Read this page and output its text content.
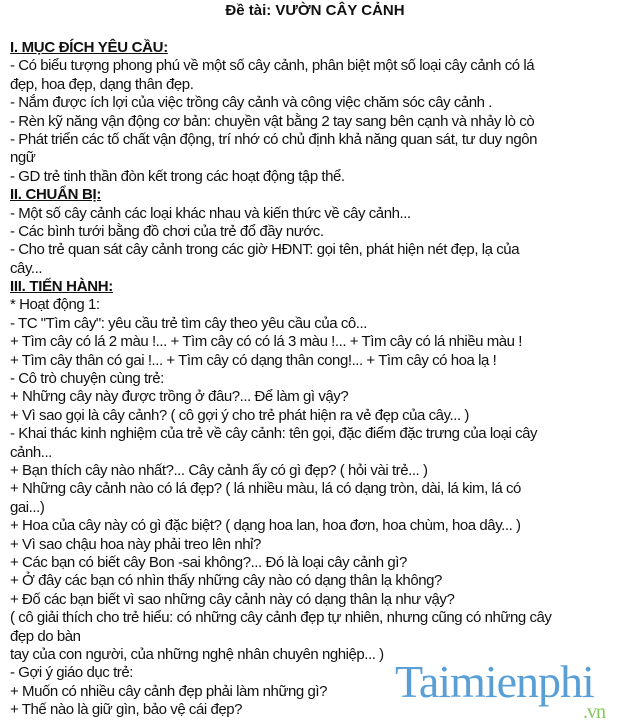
Đề tài: VƯỜN CÂY CẢNH
I. MỤC ĐÍCH YÊU CẦU:
- Có biểu tượng phong phú về một số cây cảnh, phân biệt một số loại cây cảnh có lá
đẹp, hoa đẹp, dạng thân đẹp.
- Nắm được ích lợi của việc trồng cây cảnh và công việc chăm sóc cây cảnh .
- Rèn kỹ năng vận động cơ bản: chuyền vật bằng 2 tay sang bên cạnh và nhảy lò cò
- Phát triển các tố chất vận động, trí nhớ có chủ định khả năng quan sát, tư duy ngôn
ngữ
- GD trẻ tinh thần đòn kết trong các hoạt động tập thể.
II. CHUẨN BỊ:
- Một số cây cảnh các loại khác nhau và kiến thức về cây cảnh...
- Các bình tưới bằng đồ chơi của trẻ đổ đầy nước.
- Cho trẻ quan sát cây cảnh trong các giờ HĐNT: gọi tên, phát hiện nét đẹp, lạ của
cây...
III. TIẾN HÀNH:
* Hoạt động 1:
- TC "Tìm cây": yêu cầu trẻ tìm cây theo yêu cầu của cô...
+ Tìm cây có lá 2 màu !... + Tìm cây có có lá 3 màu !... + Tìm cây có lá nhiều màu !
+ Tìm cây thân có gai !... + Tìm cây có dạng thân cong!... + Tìm cây có hoa lạ !
- Cô trò chuyện cùng trẻ:
+ Những cây này được trồng ở đâu?... Để làm gì vậy?
+ Vì sao gọi là cây cảnh? ( cô gợi ý cho trẻ phát hiện ra vẻ đẹp của cây... )
- Khai thác kinh nghiệm của trẻ về cây cảnh: tên gọi, đặc điểm đặc trưng của loại cây
cảnh...
+ Bạn thích cây nào nhất?... Cây cảnh ấy có gì đẹp? ( hỏi vài trẻ... )
+ Những cây cảnh nào có lá đẹp? ( lá nhiều màu, lá có dạng tròn, dài, lá kim, lá có
gai...)
+ Hoa của cây này có gì đặc biệt? ( dạng hoa lan, hoa đơn, hoa chùm, hoa dây... )
+ Vì sao chậu hoa này phải treo lên nhỉ?
+ Các bạn có biết cây Bon -sai không?... Đó là loại cây cảnh gì?
+ Ở đây các bạn có nhìn thấy những cây nào có dạng thân lạ không?
+ Đố các bạn biết vì sao những cây cảnh này có dạng thân lạ như vậy?
( cô giải thích cho trẻ hiểu: có những cây cảnh đẹp tự nhiên, nhưng cũng có những cây
đẹp do bàn
tay của con người, của những nghệ nhân chuyên nghiệp... )
- Gợi ý giáo dục trẻ:
+ Muốn có nhiều cây cảnh đẹp phải làm những gì?
+ Thế nào là giữ gìn, bảo vệ cái đẹp?
Taimienphi
.vn
